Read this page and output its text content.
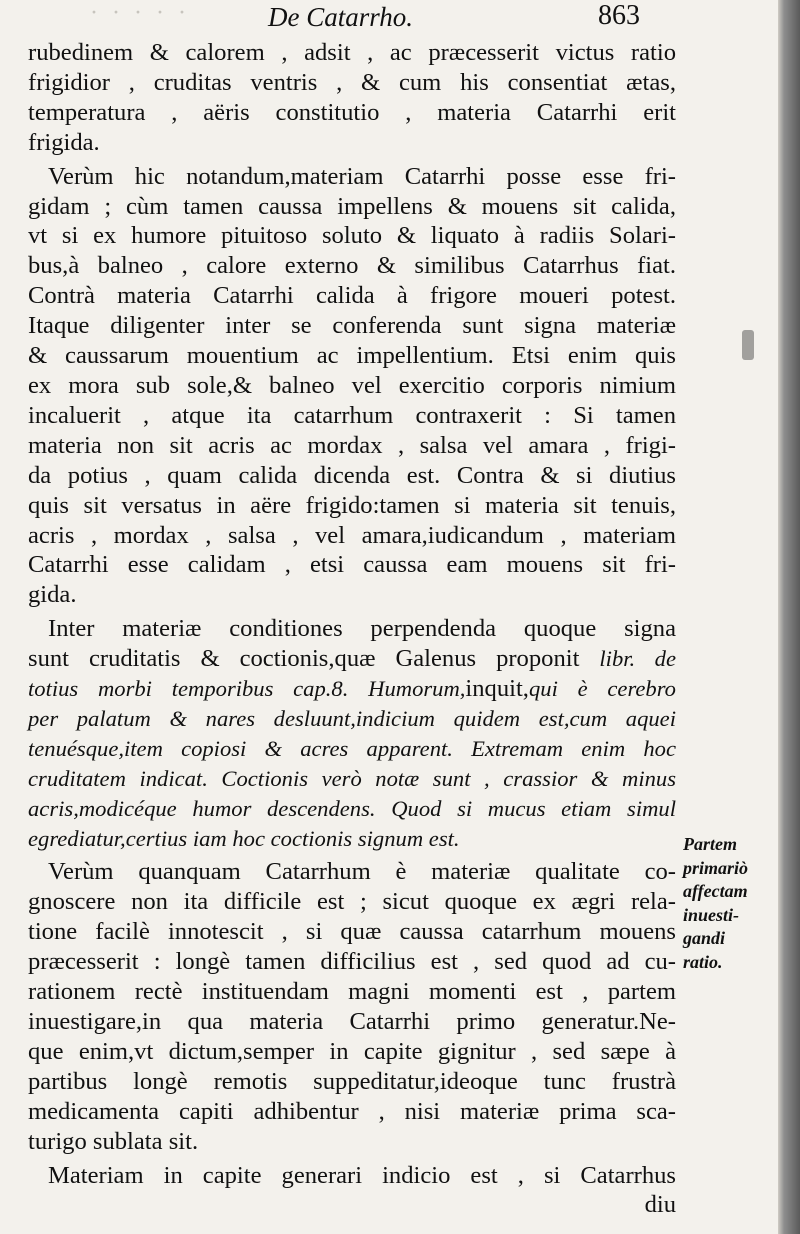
· · · · ·	De Catarrho.	863
rubedinem & calorem , adsit , ac præcesserit victus ratio
frigidior , cruditas ventris , & cum his consentiat ætas,
temperatura , aëris constitutio , materia Catarrhi erit
frigida.
Verùm hic notandum,materiam Catarrhi posse esse fri-
gidam ; cùm tamen caussa impellens & mouens sit calida,
vt si ex humore pituitoso soluto & liquato à radiis Solari-
bus,à balneo , calore externo & similibus Catarrhus fiat.
Contrà materia Catarrhi calida à frigore moueri potest.
Itaque diligenter inter se conferenda sunt signa materiæ
& caussarum mouentium ac impellentium. Etsi enim quis
ex mora sub sole,& balneo vel exercitio corporis nimium
incaluerit , atque ita catarrhum contraxerit : Si tamen
materia non sit acris ac mordax , salsa vel amara , frigi-
da potius , quam calida dicenda est. Contra & si diutius
quis sit versatus in aëre frigido:tamen si materia sit tenuis,
acris , mordax , salsa , vel amara,iudicandum , materiam
Catarrhi esse calidam , etsi caussa eam mouens sit fri-
gida.
Inter materiæ conditiones perpendenda quoque signa
sunt cruditatis & coctionis,quæ Galenus proponit libr. de
totius morbi temporibus cap.8. Humorum,inquit,qui è cerebro
per palatum & nares desluunt,indicium quidem est,cum aquei
tenuésque,item copiosi & acres apparent. Extremam enim hoc
cruditatem indicat. Coctionis verò notæ sunt , crassior & minus
acris,modicéque humor descendens. Quod si mucus etiam simul
egrediatur,certius iam hoc coctionis signum est.
Verùm quanquam Catarrhum è materiæ qualitate co-
gnoscere non ita difficile est ; sicut quoque ex ægri rela-
tione facilè innotescit , si quæ caussa catarrhum mouens
præcesserit : longè tamen difficilius est , sed quod ad cu-
rationem rectè instituendam magni momenti est , partem
inuestigare,in qua materia Catarrhi primo generatur.Ne-
que enim,vt dictum,semper in capite gignitur , sed sæpe à
partibus longè remotis suppeditatur,ideoque tunc frustrà
medicamenta capiti adhibentur , nisi materiæ prima sca-
turigo sublata sit.
Materiam in capite generari indicio est , si Catarrhus
diu
Partem
primariò
affectam
inuesti-
gandi
ratio.
